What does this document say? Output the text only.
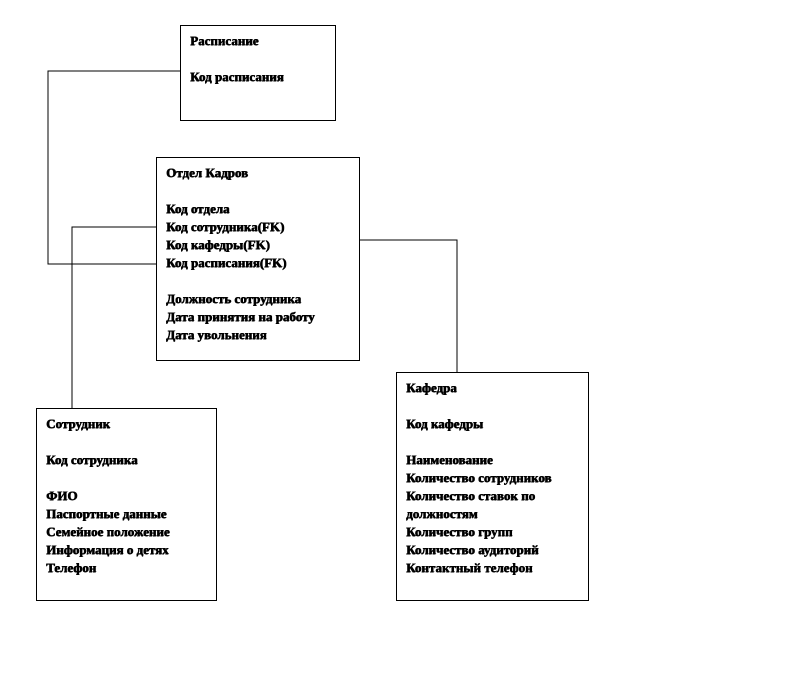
Расписание
Код расписания
Отдел Кадров
Код отдела
Код сотрудника(FK)
Код кафедры(FK)
Код расписания(FK)
Должность сотрудника
Дата принятия на работу
Дата увольнения
Сотрудник
Код сотрудника
ФИО
Паспортные данные
Семейное положение
Информация о детях
Телефон
Кафедра
Код кафедры
Наименование
Количество сотрудников
Количество ставок по должностям
Количество групп
Количество аудиторий
Контактный телефон
